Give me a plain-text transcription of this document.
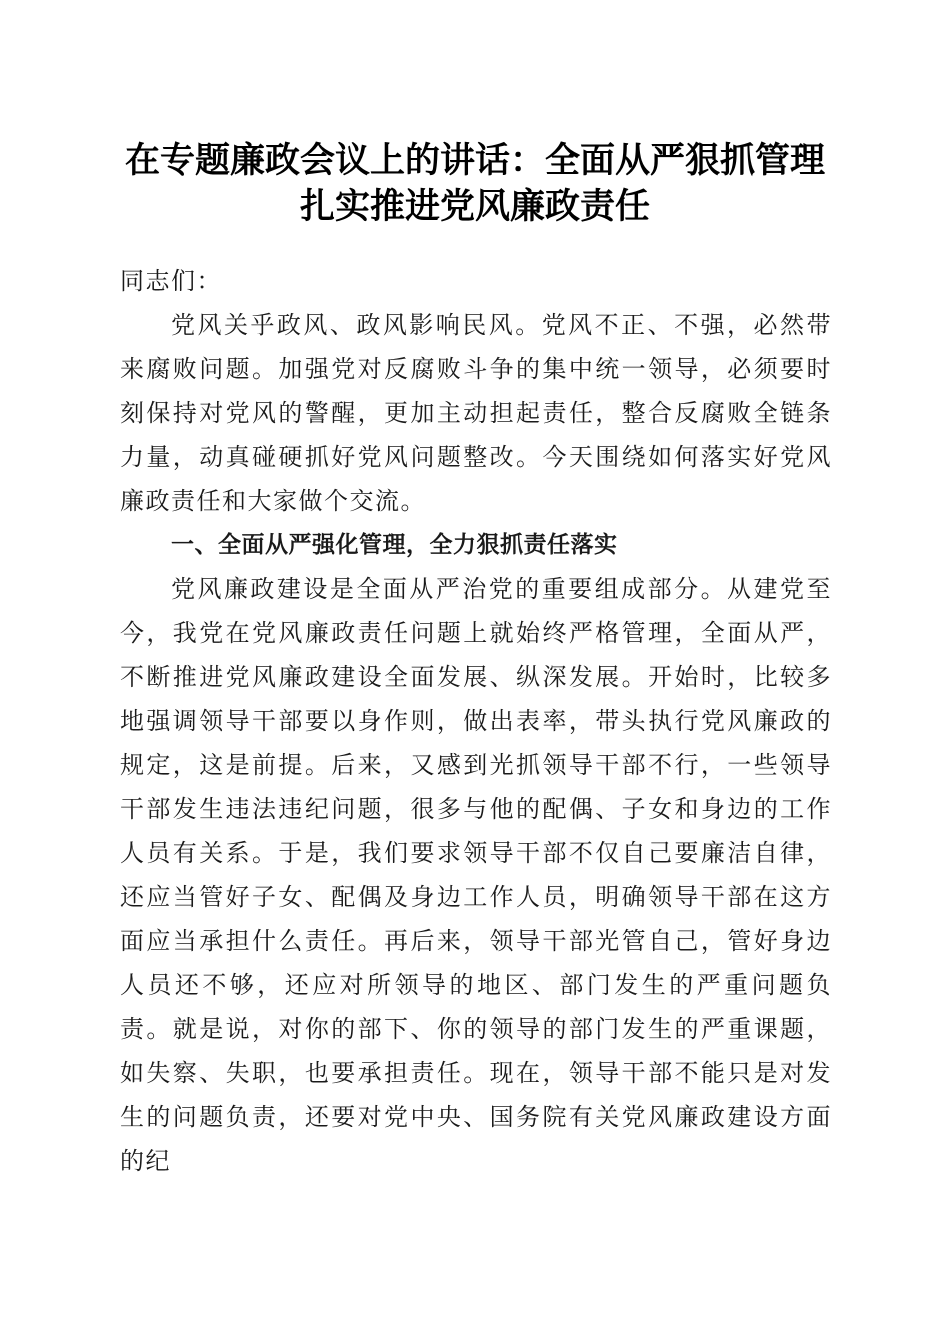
在专题廉政会议上的讲话：全面从严狠抓管理
扎实推进党风廉政责任

同志们：

党风关乎政风、政风影响民风。党风不正、不强，必然带来腐败问题。加强党对反腐败斗争的集中统一领导，必须要时刻保持对党风的警醒，更加主动担起责任，整合反腐败全链条力量，动真碰硬抓好党风问题整改。今天围绕如何落实好党风廉政责任和大家做个交流。

一、全面从严强化管理，全力狠抓责任落实

党风廉政建设是全面从严治党的重要组成部分。从建党至今，我党在党风廉政责任问题上就始终严格管理，全面从严，不断推进党风廉政建设全面发展、纵深发展。开始时，比较多地强调领导干部要以身作则，做出表率，带头执行党风廉政的规定，这是前提。后来，又感到光抓领导干部不行，一些领导干部发生违法违纪问题，很多与他的配偶、子女和身边的工作人员有关系。于是，我们要求领导干部不仅自己要廉洁自律，还应当管好子女、配偶及身边工作人员，明确领导干部在这方面应当承担什么责任。再后来，领导干部光管自己，管好身边人员还不够，还应对所领导的地区、部门发生的严重问题负责。就是说，对你的部下、你的领导的部门发生的严重课题，如失察、失职，也要承担责任。现在，领导干部不能只是对发生的问题负责，还要对党中央、国务院有关党风廉政建设方面的纪
